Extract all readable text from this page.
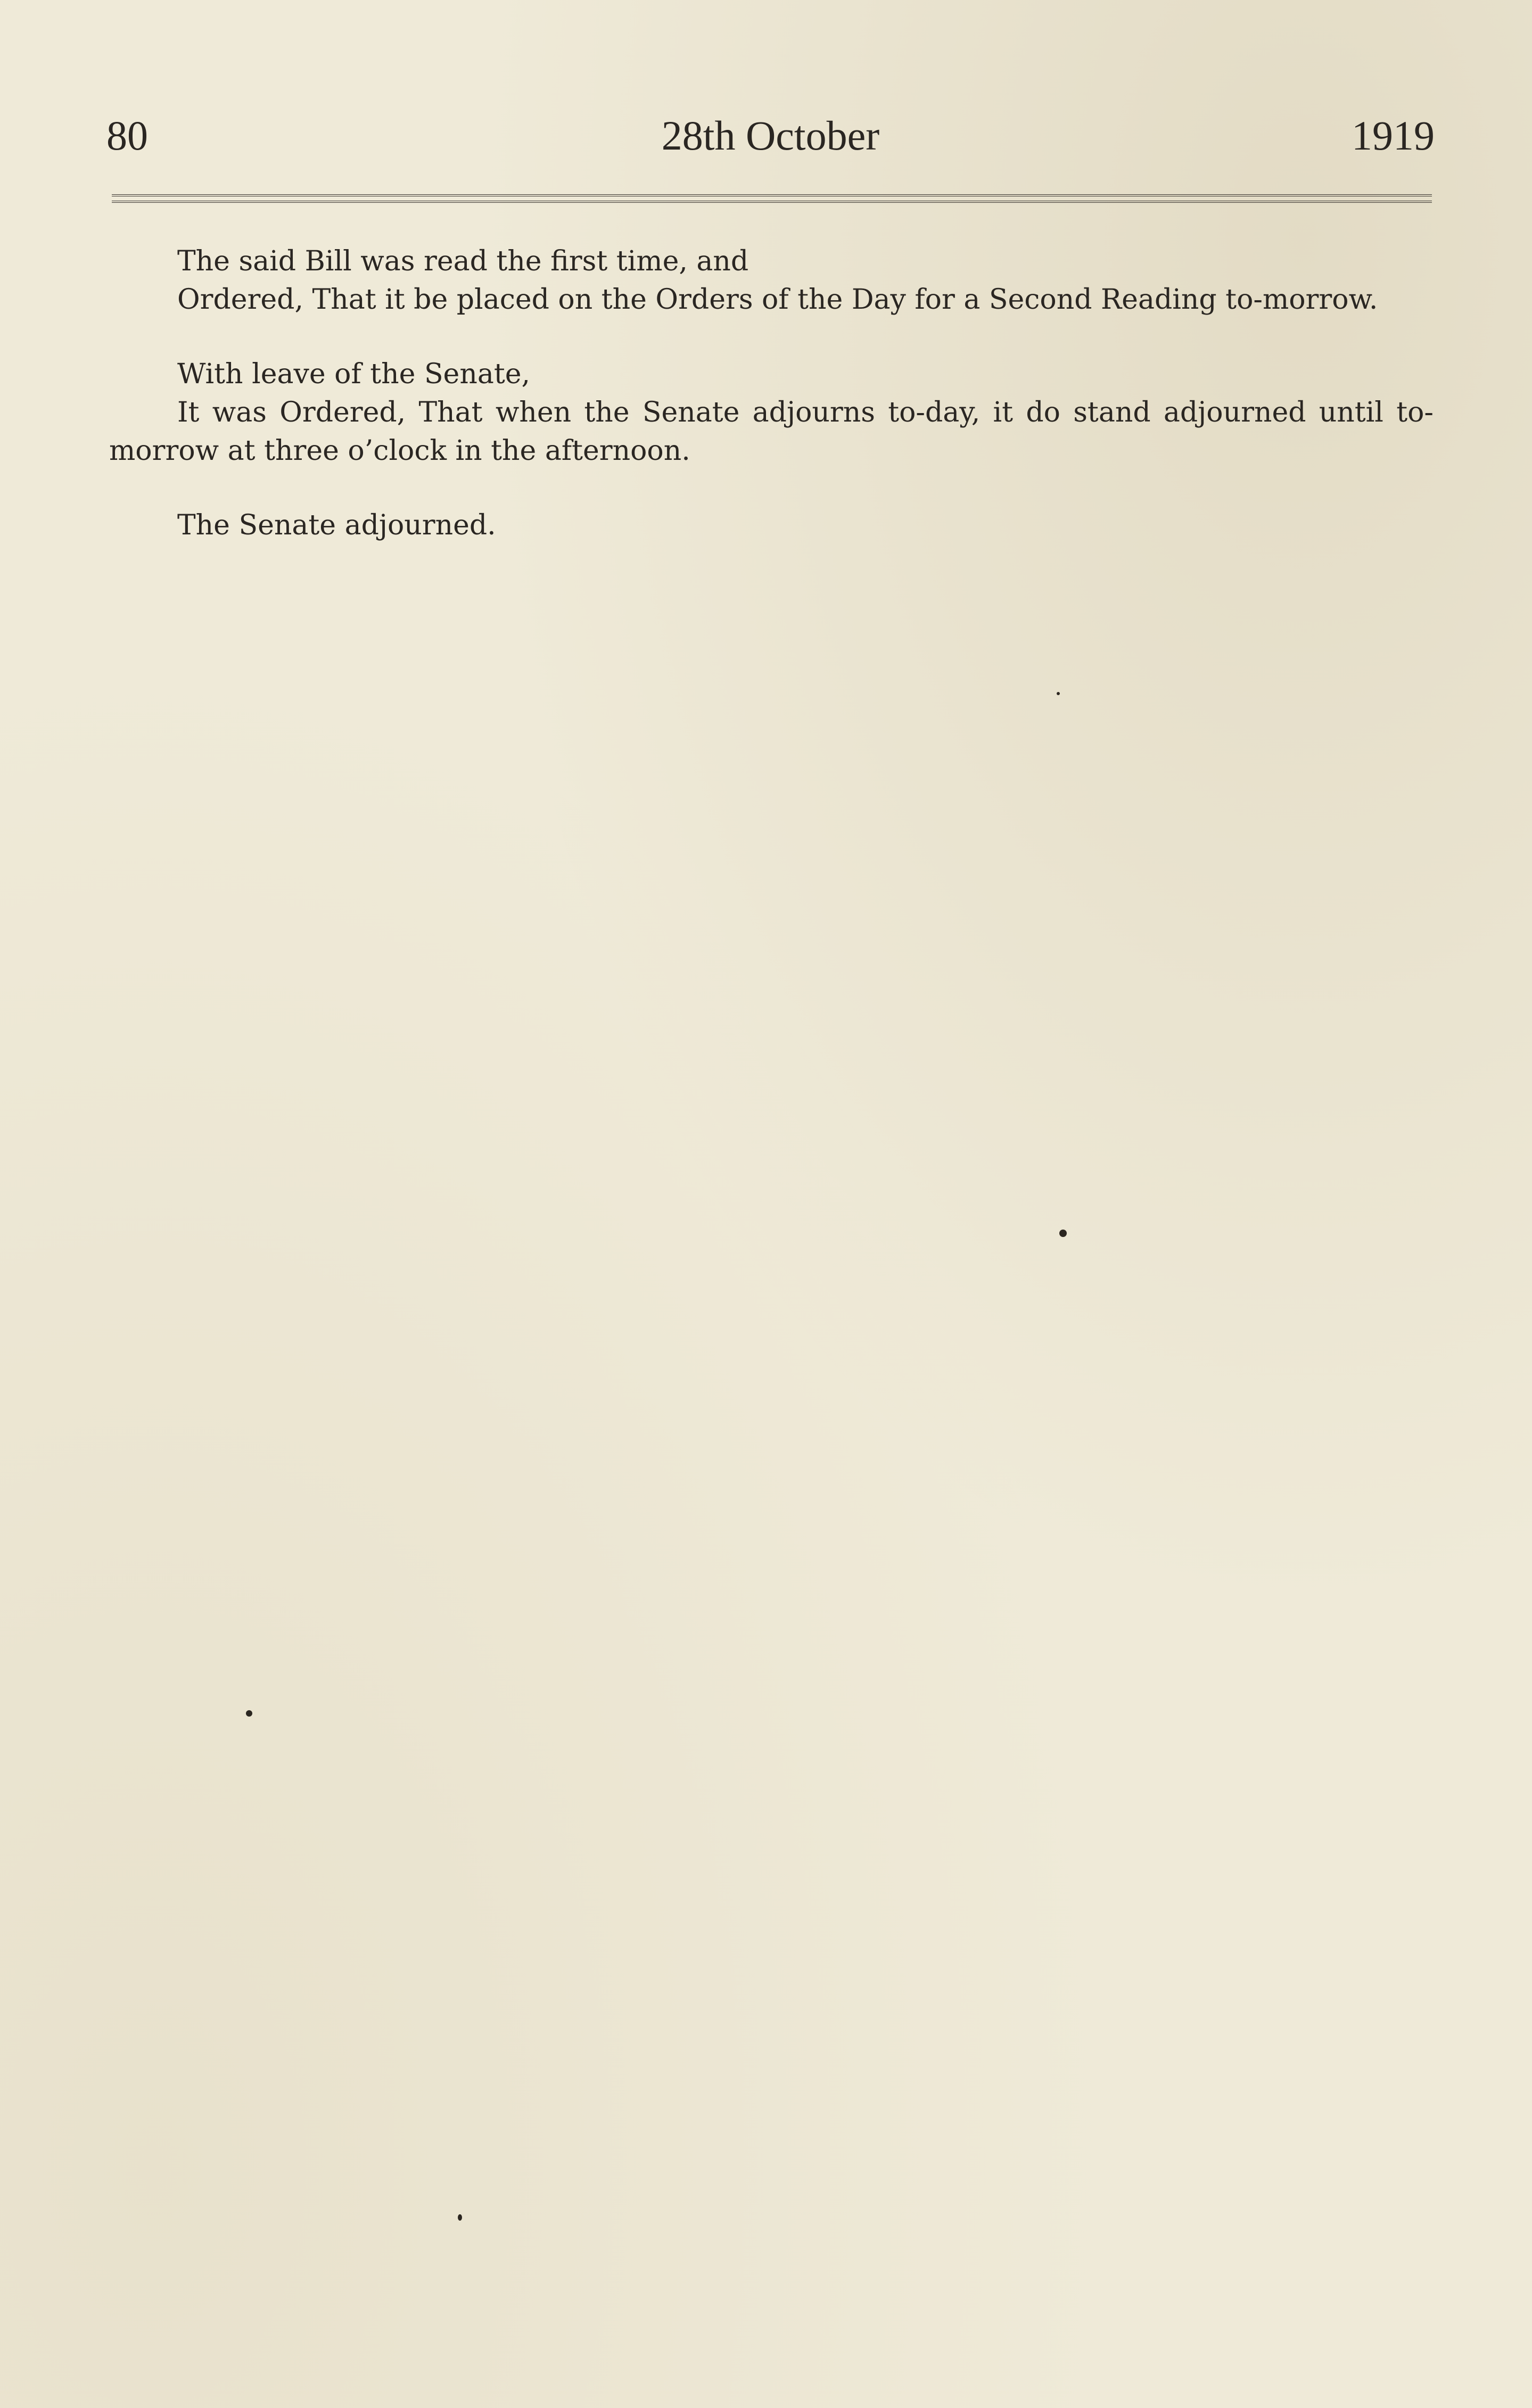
80	28th October	1919

The said Bill was read the first time, and

Ordered, That it be placed on the Orders of the Day for a Second Reading to-morrow.

With leave of the Senate,

It was Ordered, That when the Senate adjourns to-day, it do stand adjourned until to-morrow at three o’clock in the afternoon.

The Senate adjourned.
